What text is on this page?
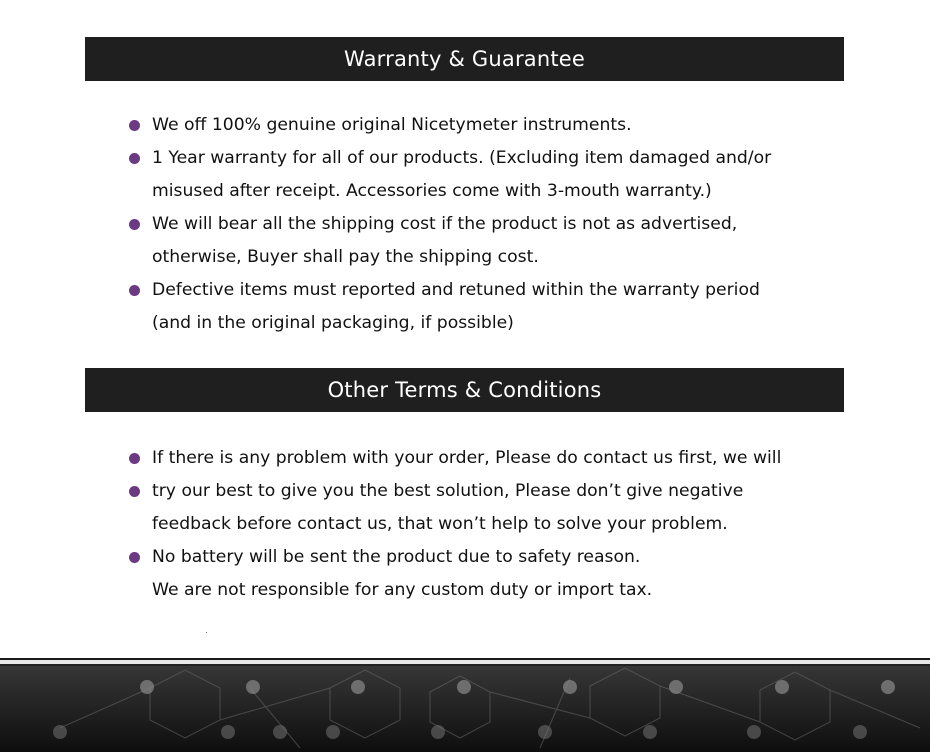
Warranty & Guarantee
We off 100% genuine original Nicetymeter instruments.
1 Year warranty for all of our products. (Excluding item damaged and/or
misused after receipt. Accessories come with 3-mouth warranty.)
We will bear all the shipping cost if the product is not as advertised,
otherwise, Buyer shall pay the shipping cost.
Defective items must reported and retuned within the warranty period
(and in the original packaging, if possible)
Other Terms & Conditions
If there is any problem with your order, Please do contact us first, we will
try our best to give you the best solution, Please don’t give negative
feedback before contact us, that won’t help to solve your problem.
No battery will be sent the product due to safety reason.
We are not responsible for any custom duty or import tax.
